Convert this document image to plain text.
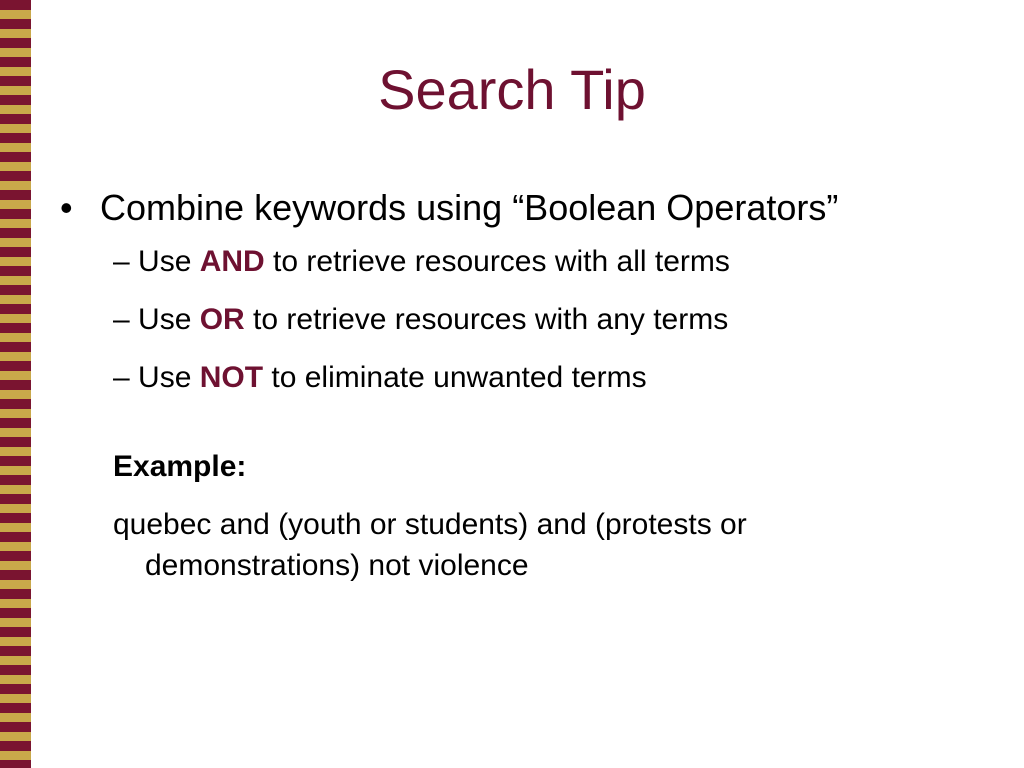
Search Tip
• Combine keywords using “Boolean Operators”
– Use AND to retrieve resources with all terms
– Use OR to retrieve resources with any terms
– Use NOT to eliminate unwanted terms
Example:
quebec and (youth or students) and (protests or demonstrations) not violence
